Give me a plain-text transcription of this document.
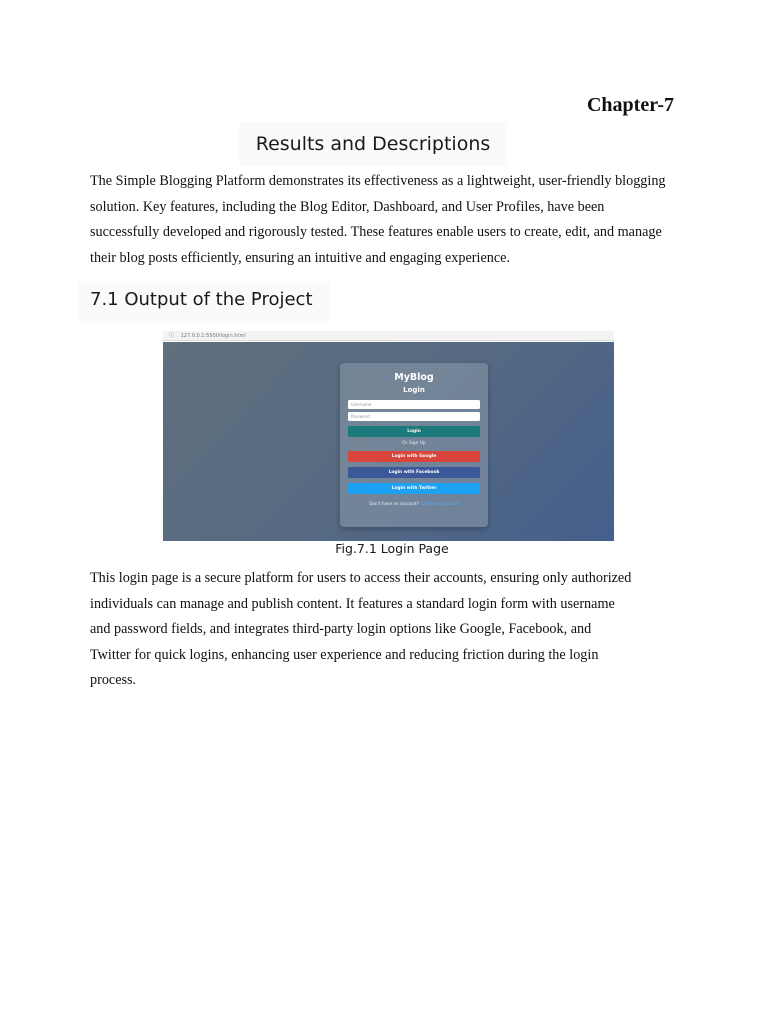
Chapter-7
Results and Descriptions

The Simple Blogging Platform demonstrates its effectiveness as a lightweight, user-friendly blogging
solution. Key features, including the Blog Editor, Dashboard, and User Profiles, have been
successfully developed and rigorously tested. These features enable users to create, edit, and manage
their blog posts efficiently, ensuring an intuitive and engaging experience.

7.1 Output of the Project
ⓘ 127.0.0.1:5500/login.html
MyBlog
Login
Username
Password
Login
Or Sign Up
Login with Google
Login with Facebook
Login with Twitter
Don't have an account? Create an account
Fig.7.1 Login Page

This login page is a secure platform for users to access their accounts, ensuring only authorized
individuals can manage and publish content. It features a standard login form with username
and password fields, and integrates third-party login options like Google, Facebook, and
Twitter for quick logins, enhancing user experience and reducing friction during the login
process.
